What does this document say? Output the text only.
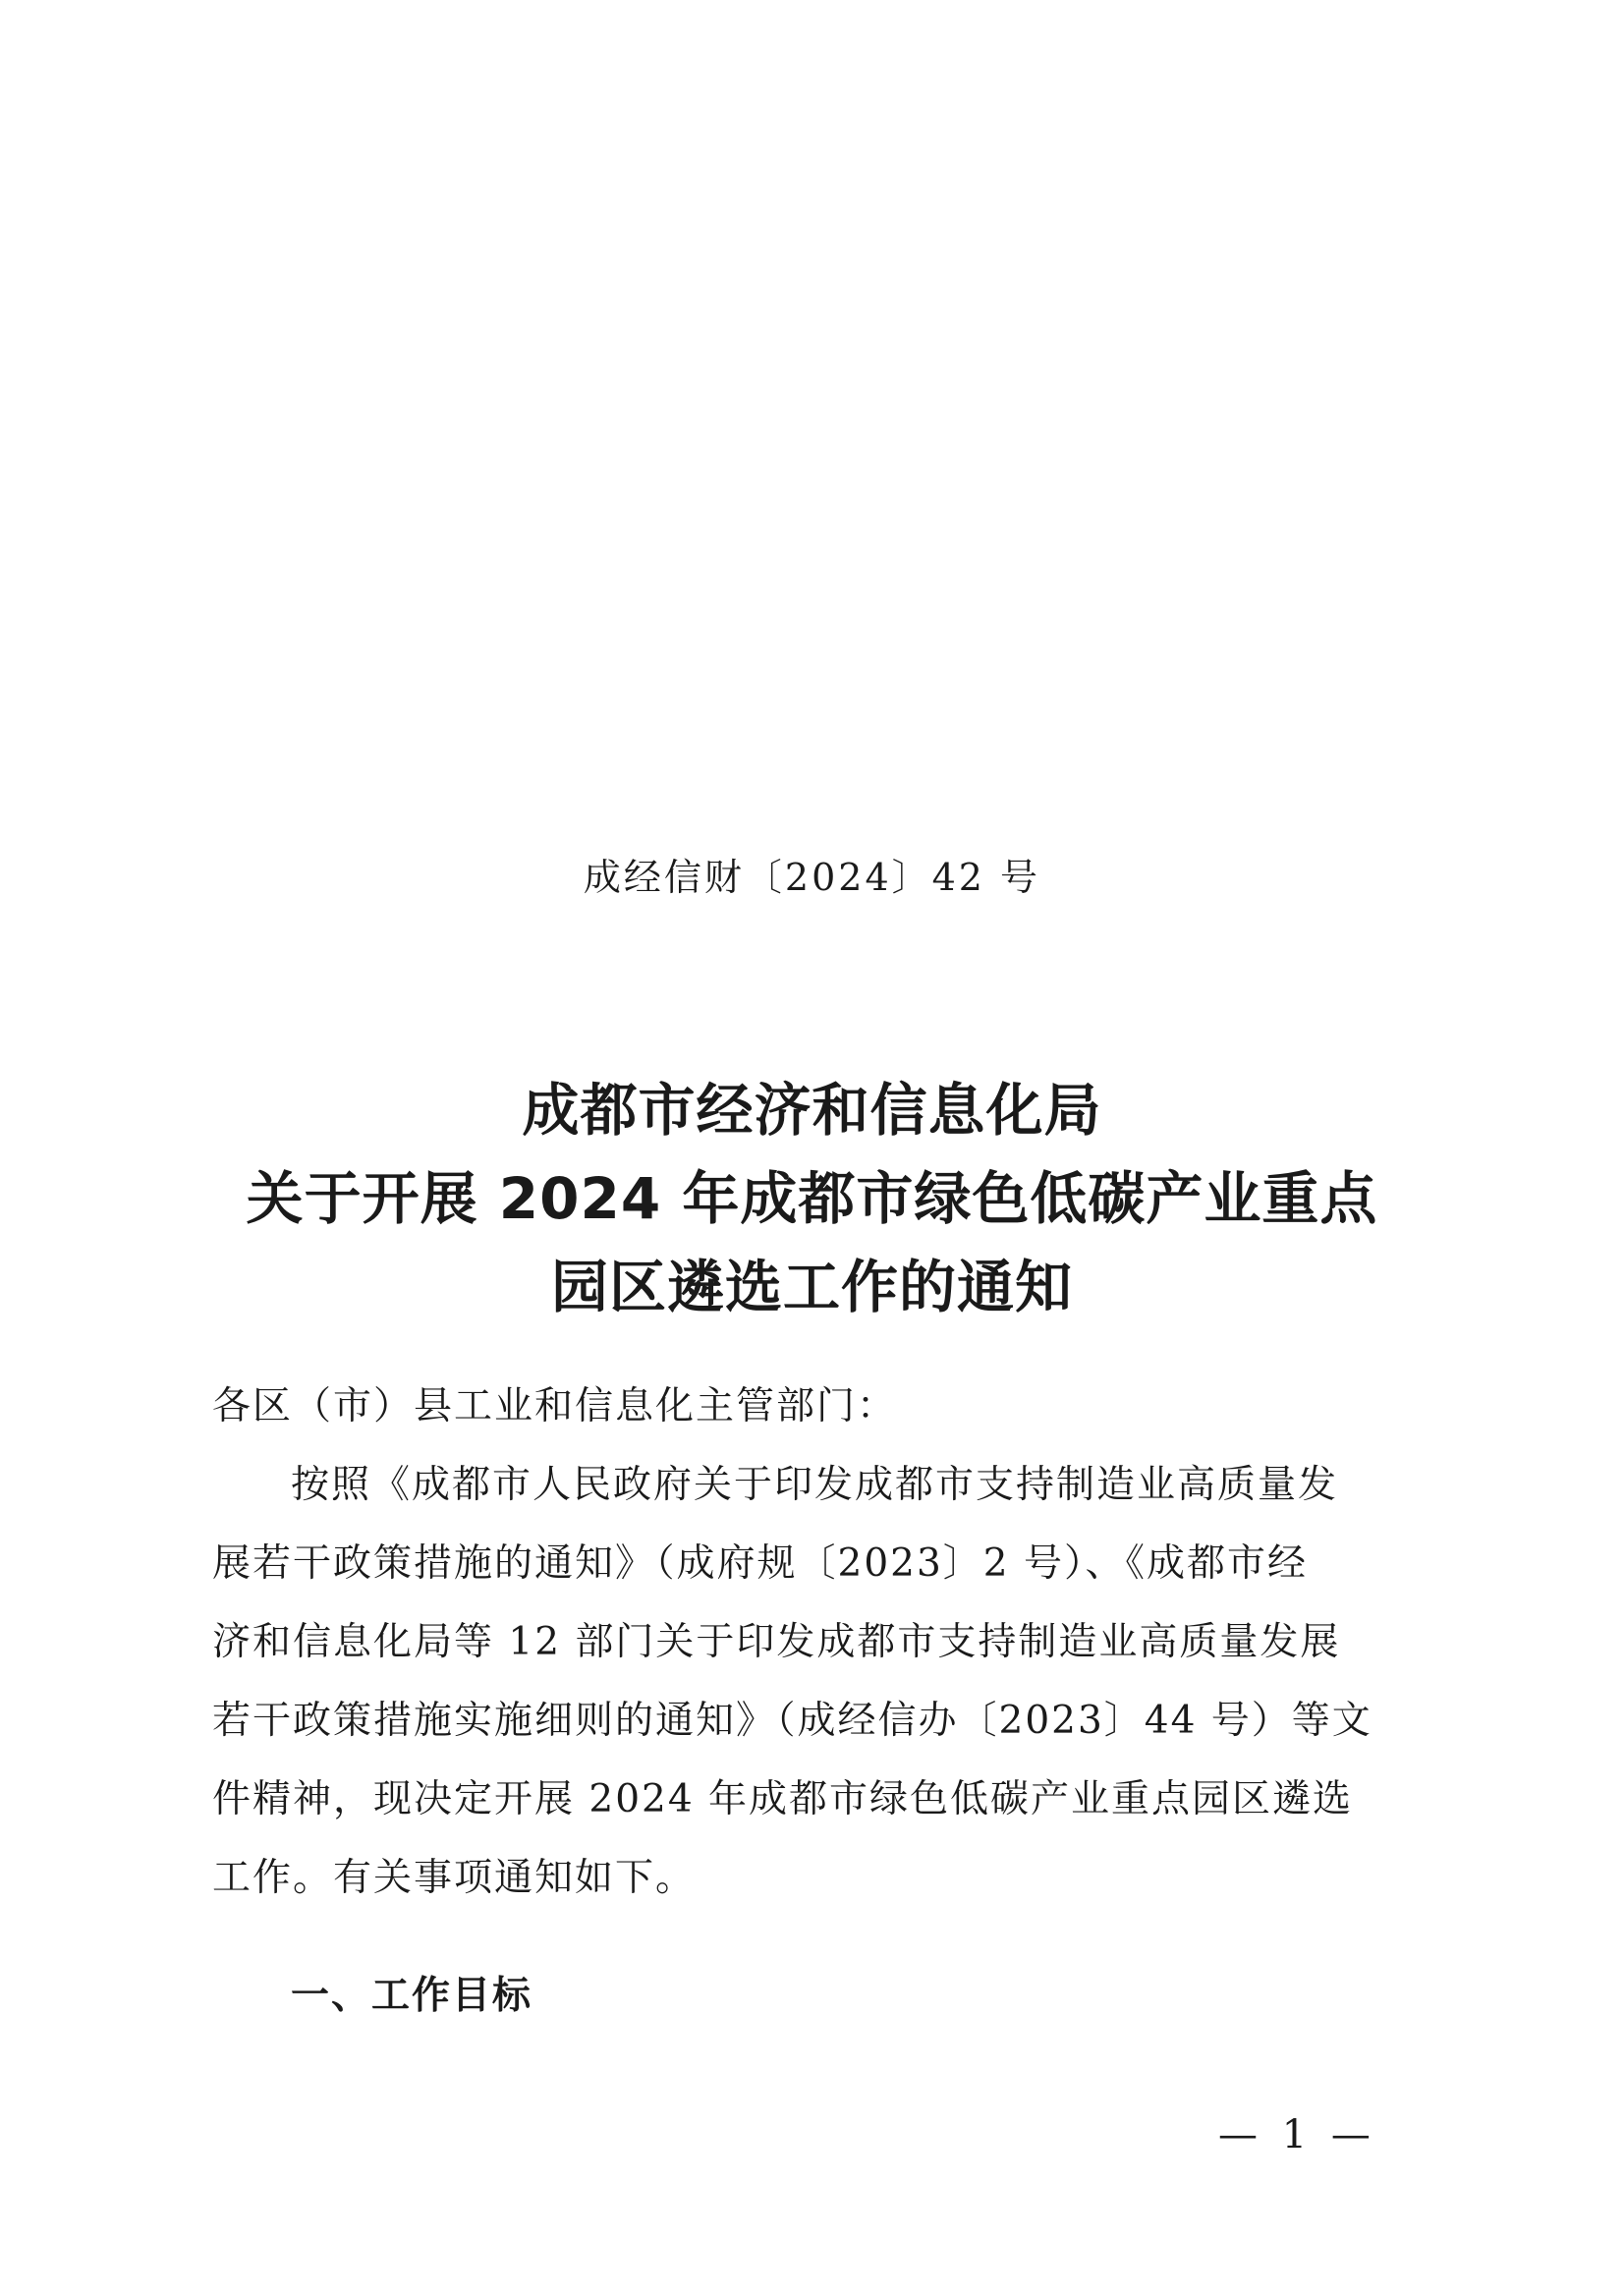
成经信财〔2024〕42 号
成都市经济和信息化局
关于开展 2024 年成都市绿色低碳产业重点
园区遴选工作的通知
各区（市）县工业和信息化主管部门：
按照《成都市人民政府关于印发成都市支持制造业高质量发
展若干政策措施的通知》（成府规〔2023〕2 号）、《成都市经
济和信息化局等 12 部门关于印发成都市支持制造业高质量发展
若干政策措施实施细则的通知》（成经信办〔2023〕44 号）等文
件精神，现决定开展 2024 年成都市绿色低碳产业重点园区遴选
工作。有关事项通知如下。
一、工作目标
— 1 —
